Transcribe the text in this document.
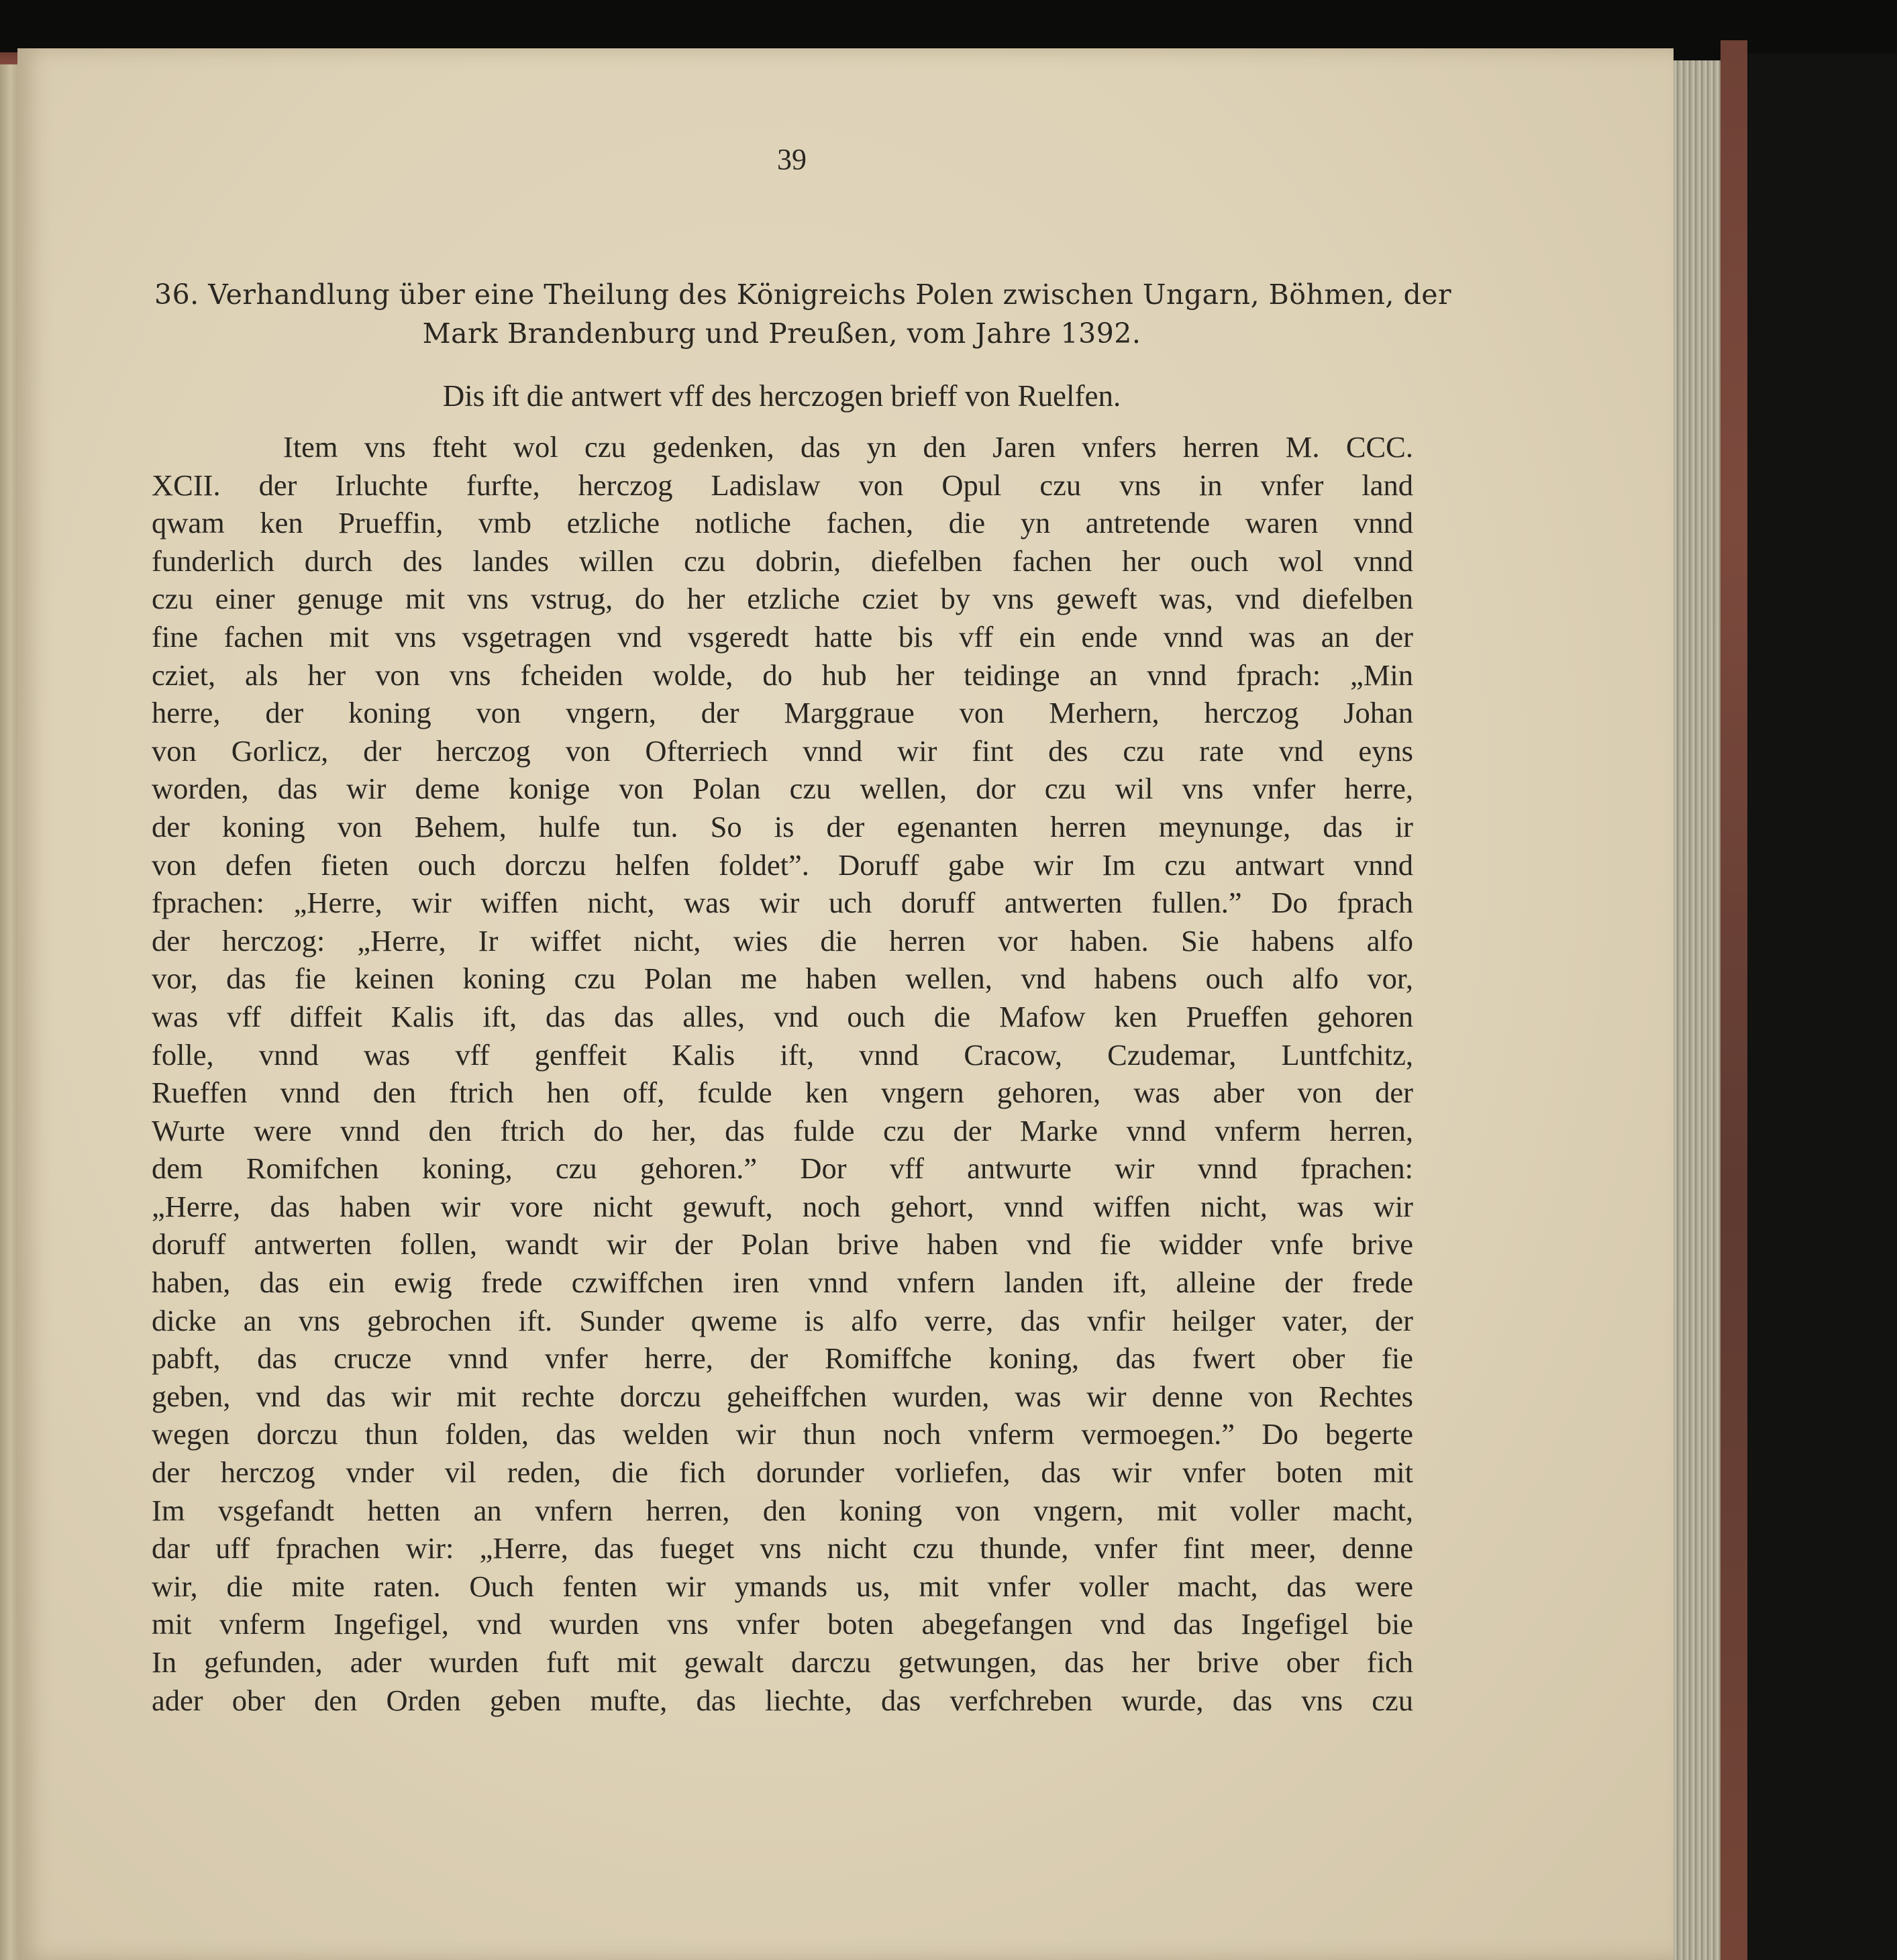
39
36. Verhandlung über eine Theilung des Königreichs Polen zwischen Ungarn, Böhmen, der
Mark Brandenburg und Preußen, vom Jahre 1392.
Dis ift die antwert vff des herczogen brieff von Ruelfen.
Item vns fteht wol czu gedenken, das yn den Jaren vnfers herren M. CCC.
XCII. der Irluchte furfte, herczog Ladislaw von Opul czu vns in vnfer land
qwam ken Prueffin, vmb etzliche notliche fachen, die yn antretende waren vnnd
funderlich durch des landes willen czu dobrin, diefelben fachen her ouch wol vnnd
czu einer genuge mit vns vstrug, do her etzliche cziet by vns geweft was, vnd diefelben
fine fachen mit vns vsgetragen vnd vsgeredt hatte bis vff ein ende vnnd was an der
cziet, als her von vns fcheiden wolde, do hub her teidinge an vnnd fprach: „Min
herre, der koning von vngern, der Marggraue von Merhern, herczog Johan
von Gorlicz, der herczog von Ofterriech vnnd wir fint des czu rate vnd eyns
worden, das wir deme konige von Polan czu wellen, dor czu wil vns vnfer herre,
der koning von Behem, hulfe tun. So is der egenanten herren meynunge, das ir
von defen fieten ouch dorczu helfen foldet”. Doruff gabe wir Im czu antwart vnnd
fprachen: „Herre, wir wiffen nicht, was wir uch doruff antwerten fullen.” Do fprach
der herczog: „Herre, Ir wiffet nicht, wies die herren vor haben. Sie habens alfo
vor, das fie keinen koning czu Polan me haben wellen, vnd habens ouch alfo vor,
was vff diffeit Kalis ift, das das alles, vnd ouch die Mafow ken Prueffen gehoren
folle, vnnd was vff genffeit Kalis ift, vnnd Cracow, Czudemar, Luntfchitz,
Rueffen vnnd den ftrich hen off, fculde ken vngern gehoren, was aber von der
Wurte were vnnd den ftrich do her, das fulde czu der Marke vnnd vnferm herren,
dem Romifchen koning, czu gehoren.” Dor vff antwurte wir vnnd fprachen:
„Herre, das haben wir vore nicht gewuft, noch gehort, vnnd wiffen nicht, was wir
doruff antwerten follen, wandt wir der Polan brive haben vnd fie widder vnfe brive
haben, das ein ewig frede czwiffchen iren vnnd vnfern landen ift, alleine der frede
dicke an vns gebrochen ift. Sunder qweme is alfo verre, das vnfir heilger vater, der
pabft, das crucze vnnd vnfer herre, der Romiffche koning, das fwert ober fie
geben, vnd das wir mit rechte dorczu geheiffchen wurden, was wir denne von Rechtes
wegen dorczu thun folden, das welden wir thun noch vnferm vermoegen.” Do begerte
der herczog vnder vil reden, die fich dorunder vorliefen, das wir vnfer boten mit
Im vsgefandt hetten an vnfern herren, den koning von vngern, mit voller macht,
dar uff fprachen wir: „Herre, das fueget vns nicht czu thunde, vnfer fint meer, denne
wir, die mite raten. Ouch fenten wir ymands us, mit vnfer voller macht, das were
mit vnferm Ingefigel, vnd wurden vns vnfer boten abegefangen vnd das Ingefigel bie
In gefunden, ader wurden fuft mit gewalt darczu getwungen, das her brive ober fich
ader ober den Orden geben mufte, das liechte, das verfchreben wurde, das vns czu
